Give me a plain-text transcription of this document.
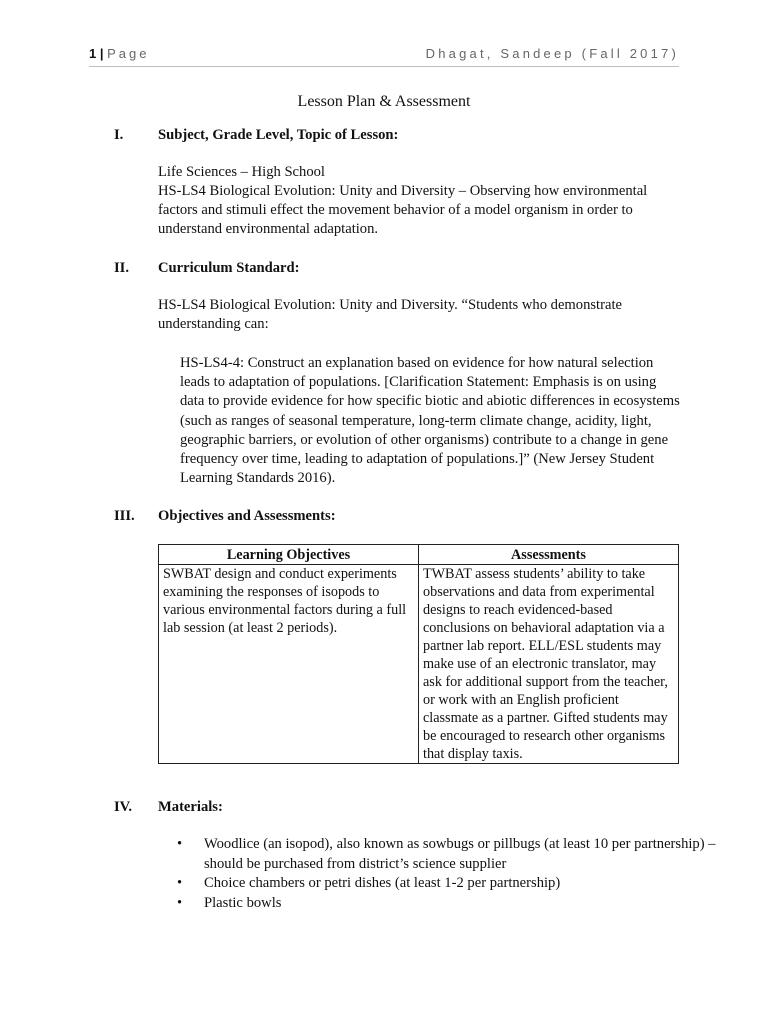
1 | Page	Dhagat, Sandeep (Fall 2017)
Lesson Plan & Assessment
I. Subject, Grade Level, Topic of Lesson:

Life Sciences – High School

HS-LS4 Biological Evolution: Unity and Diversity – Observing how environmental factors and stimuli effect the movement behavior of a model organism in order to understand environmental adaptation.

II. Curriculum Standard:

HS-LS4 Biological Evolution: Unity and Diversity. “Students who demonstrate understanding can:

HS-LS4-4: Construct an explanation based on evidence for how natural selection leads to adaptation of populations. [Clarification Statement: Emphasis is on using data to provide evidence for how specific biotic and abiotic differences in ecosystems (such as ranges of seasonal temperature, long-term climate change, acidity, light, geographic barriers, or evolution of other organisms) contribute to a change in gene frequency over time, leading to adaptation of populations.]” (New Jersey Student Learning Standards 2016).

III. Objectives and Assessments:
Learning Objectives	Assessments
SWBAT design and conduct experiments examining the responses of isopods to various environmental factors during a full lab session (at least 2 periods).	TWBAT assess students’ ability to take observations and data from experimental designs to reach evidenced-based conclusions on behavioral adaptation via a partner lab report. ELL/ESL students may make use of an electronic translator, may ask for additional support from the teacher, or work with an English proficient classmate as a partner. Gifted students may be encouraged to research other organisms that display taxis.
IV. Materials:
• Woodlice (an isopod), also known as sowbugs or pillbugs (at least 10 per partnership) – should be purchased from district’s science supplier
• Choice chambers or petri dishes (at least 1-2 per partnership)
• Plastic bowls
